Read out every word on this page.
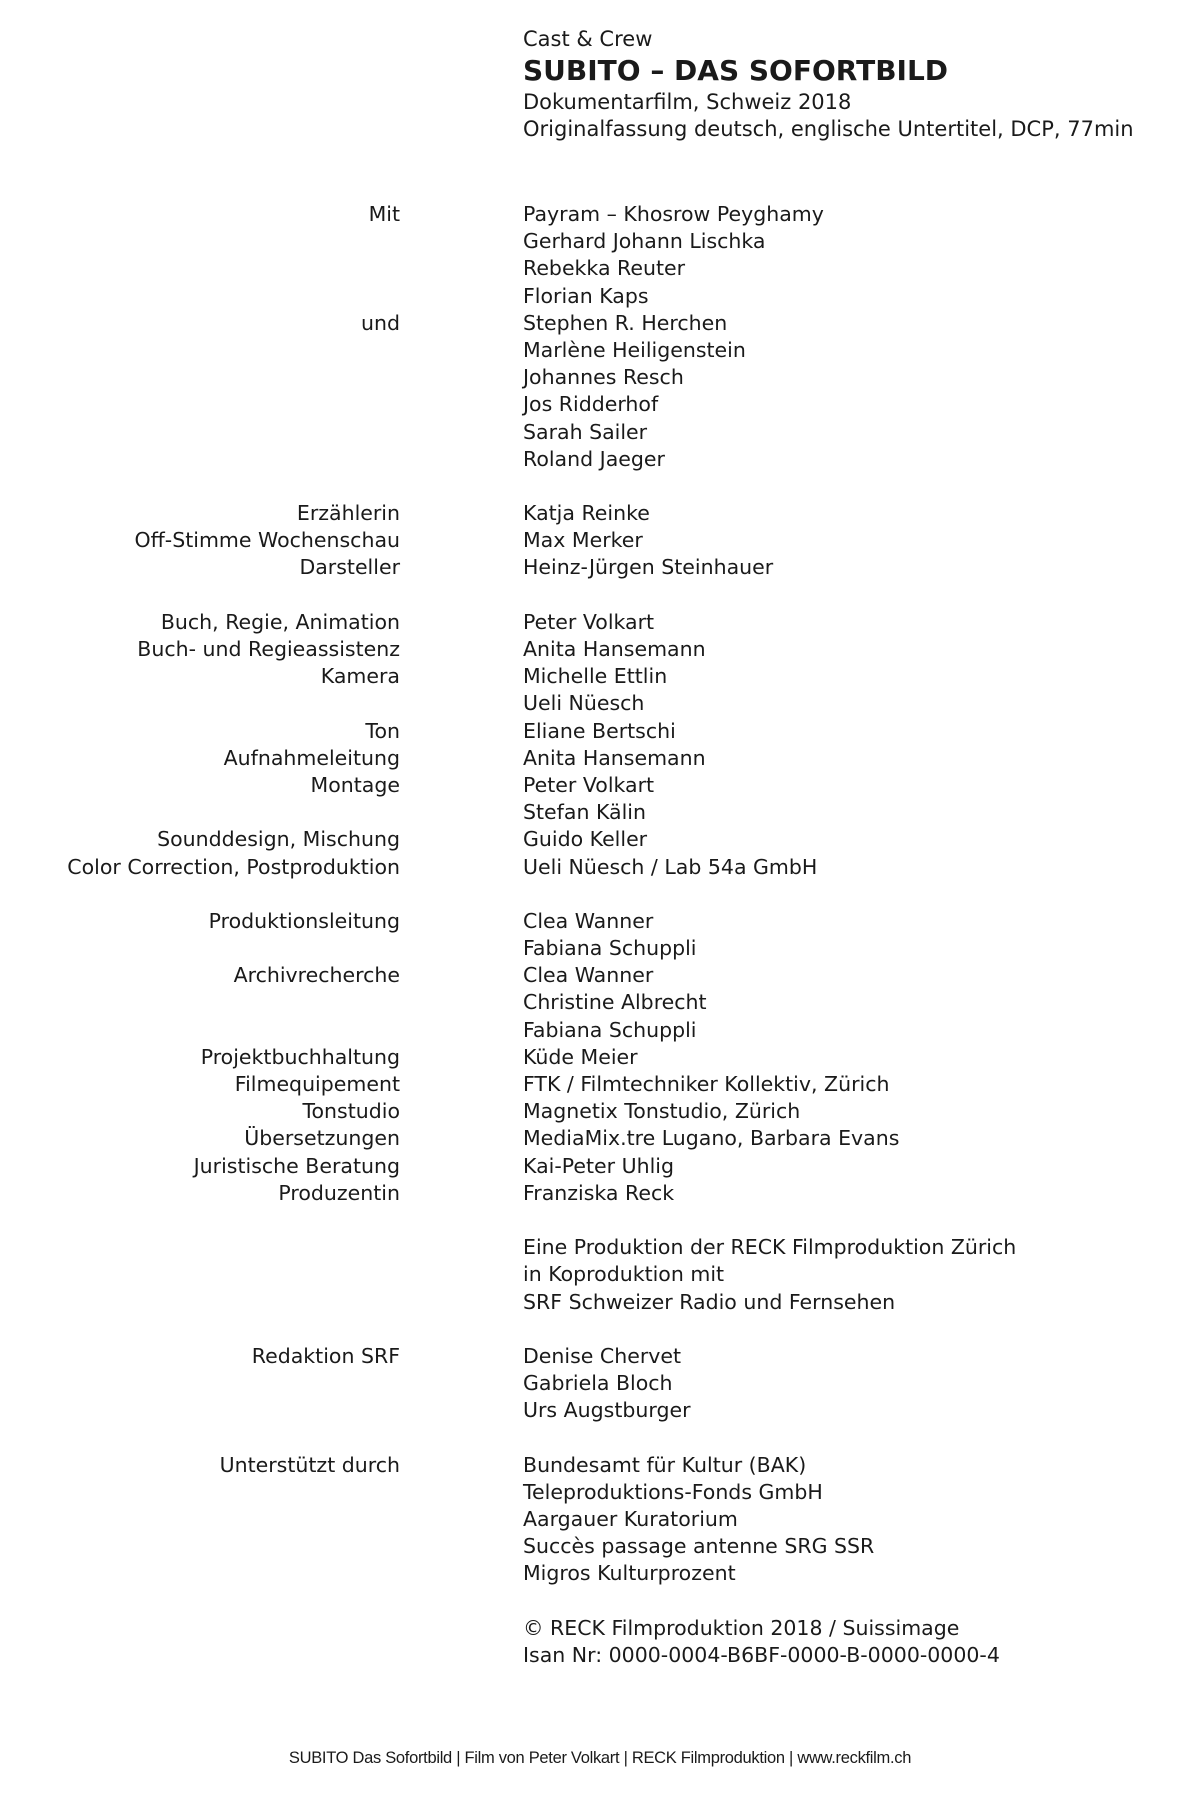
Cast & Crew
SUBITO – DAS SOFORTBILD
Dokumentarfilm, Schweiz 2018
Originalfassung deutsch, englische Untertitel, DCP, 77min
Mit	Payram – Khosrow Peyghamy
Gerhard Johann Lischka
Rebekka Reuter
Florian Kaps
und	Stephen R. Herchen
Marlène Heiligenstein
Johannes Resch
Jos Ridderhof
Sarah Sailer
Roland Jaeger
Erzählerin	Katja Reinke
Off-Stimme Wochenschau	Max Merker
Darsteller	Heinz-Jürgen Steinhauer
Buch, Regie, Animation	Peter Volkart
Buch- und Regieassistenz	Anita Hansemann
Kamera	Michelle Ettlin
Ueli Nüesch
Ton	Eliane Bertschi
Aufnahmeleitung	Anita Hansemann
Montage	Peter Volkart
Stefan Kälin
Sounddesign, Mischung	Guido Keller
Color Correction, Postproduktion	Ueli Nüesch / Lab 54a GmbH
Produktionsleitung	Clea Wanner
Fabiana Schuppli
Archivrecherche	Clea Wanner
Christine Albrecht
Fabiana Schuppli
Projektbuchhaltung	Küde Meier
Filmequipement	FTK / Filmtechniker Kollektiv, Zürich
Tonstudio	Magnetix Tonstudio, Zürich
Übersetzungen	MediaMix.tre Lugano, Barbara Evans
Juristische Beratung	Kai-Peter Uhlig
Produzentin	Franziska Reck
Eine Produktion der RECK Filmproduktion Zürich
in Koproduktion mit
SRF Schweizer Radio und Fernsehen
Redaktion SRF	Denise Chervet
Gabriela Bloch
Urs Augstburger
Unterstützt durch	Bundesamt für Kultur (BAK)
Teleproduktions-Fonds GmbH
Aargauer Kuratorium
Succès passage antenne SRG SSR
Migros Kulturprozent
© RECK Filmproduktion 2018 / Suissimage
Isan Nr: 0000-0004-B6BF-0000-B-0000-0000-4
SUBITO Das Sofortbild | Film von Peter Volkart | RECK Filmproduktion | www.reckfilm.ch
